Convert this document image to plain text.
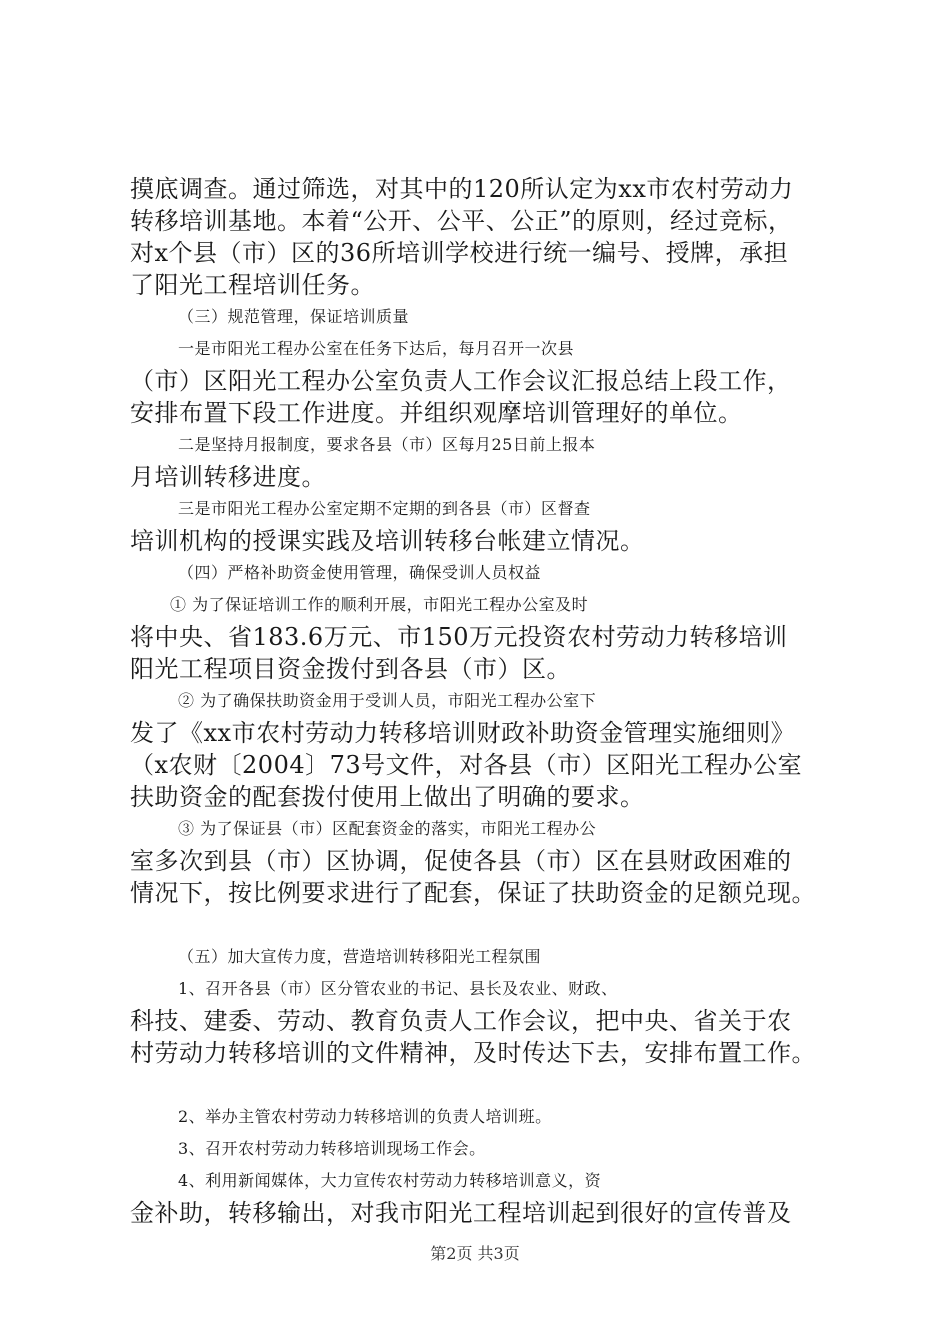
摸底调查。通过筛选，对其中的120所认定为xx市农村劳动力
转移培训基地。本着“公开、公平、公正”的原则，经过竞标，
对x个县（市）区的36所培训学校进行统一编号、授牌，承担
了阳光工程培训任务。
（三）规范管理，保证培训质量
一是市阳光工程办公室在任务下达后，每月召开一次县
（市）区阳光工程办公室负责人工作会议汇报总结上段工作，
安排布置下段工作进度。并组织观摩培训管理好的单位。
二是坚持月报制度，要求各县（市）区每月25日前上报本
月培训转移进度。
三是市阳光工程办公室定期不定期的到各县（市）区督查
培训机构的授课实践及培训转移台帐建立情况。
（四）严格补助资金使用管理，确保受训人员权益
① 为了保证培训工作的顺利开展，市阳光工程办公室及时
将中央、省183.6万元、市150万元投资农村劳动力转移培训
阳光工程项目资金拨付到各县（市）区。
② 为了确保扶助资金用于受训人员，市阳光工程办公室下
发了《xx市农村劳动力转移培训财政补助资金管理实施细则》
（x农财〔2004〕73号文件，对各县（市）区阳光工程办公室
扶助资金的配套拨付使用上做出了明确的要求。
③ 为了保证县（市）区配套资金的落实，市阳光工程办公
室多次到县（市）区协调，促使各县（市）区在县财政困难的
情况下，按比例要求进行了配套，保证了扶助资金的足额兑现。
（五）加大宣传力度，营造培训转移阳光工程氛围
1、召开各县（市）区分管农业的书记、县长及农业、财政、
科技、建委、劳动、教育负责人工作会议，把中央、省关于农
村劳动力转移培训的文件精神，及时传达下去，安排布置工作。
2、举办主管农村劳动力转移培训的负责人培训班。
3、召开农村劳动力转移培训现场工作会。
4、利用新闻媒体，大力宣传农村劳动力转移培训意义，资
金补助，转移输出，对我市阳光工程培训起到很好的宣传普及
第2页 共3页
